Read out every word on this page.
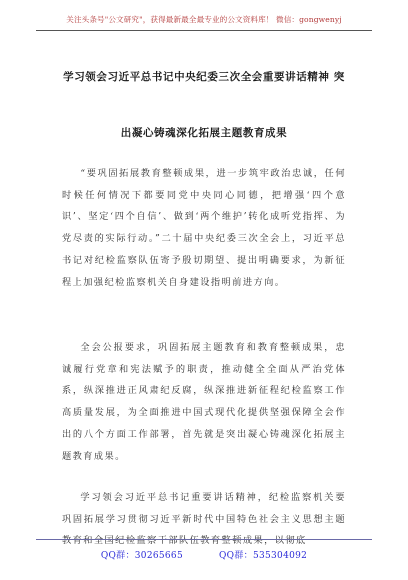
关注头条号"公文研究"，获得最新最全最专业的公文资料库！ 微信：gongwenyj
学习领会习近平总书记中央纪委三次全会重要讲话精神 突
出凝心铸魂深化拓展主题教育成果

“要巩固拓展教育整顿成果，进一步筑牢政治忠诚，任何时候任何情况下都要同党中央同心同德，把增强‘四个意识’、坚定‘四个自信’、做到‘两个维护’转化成听党指挥、为党尽责的实际行动。”二十届中央纪委三次全会上，习近平总书记对纪检监察队伍寄予殷切期望、提出明确要求，为新征程上加强纪检监察机关自身建设指明前进方向。

全会公报要求，巩固拓展主题教育和教育整顿成果，忠诚履行党章和宪法赋予的职责，推动健全全面从严治党体系，纵深推进正风肃纪反腐，纵深推进新征程纪检监察工作高质量发展，为全面推进中国式现代化提供坚强保障全会作出的八个方面工作部署，首先就是突出凝心铸魂深化拓展主题教育成果。

学习领会习近平总书记重要讲话精神，纪检监察机关要巩固拓展学习贯彻习近平新时代中国特色社会主义思想主题教育和全国纪检监察干部队伍教育整顿成果，以彻底

QQ群：30265665	QQ群：535304092
